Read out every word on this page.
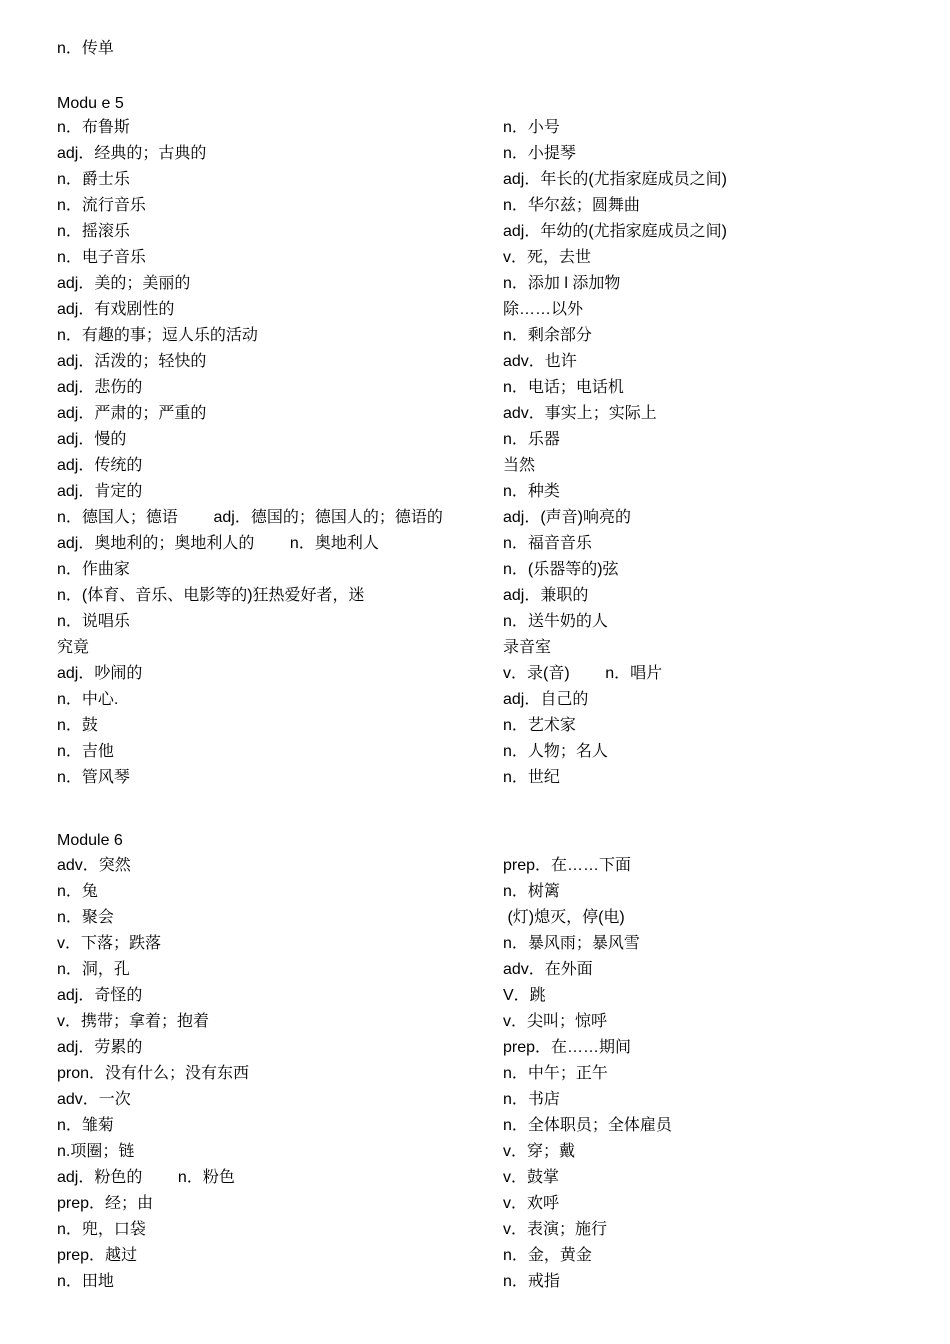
n．传单
Modu e 5
n．布鲁斯
adj．经典的；古典的
n．爵士乐
n．流行音乐
n．摇滚乐
n．电子音乐
adj．美的；美丽的
adj．有戏剧性的
n．有趣的事；逗人乐的活动
adj．活泼的；轻快的
adj．悲伤的
adj．严肃的；严重的
adj．慢的
adj．传统的
adj．肯定的
n．德国人；德语        adj．德国的；德国人的；德语的
adj．奥地利的；奥地利人的        n．奥地利人
n．作曲家
n．(体育、音乐、电影等的)狂热爱好者，迷
n．说唱乐
究竟
adj．吵闹的
n．中心.
n．鼓
n．吉他
n．管风琴
n．小号
n．小提琴
adj．年长的(尤指家庭成员之间)
n．华尔兹；圆舞曲
adj．年幼的(尤指家庭成员之间)
v．死，去世
n．添加 l 添加物
除……以外
n．剩余部分
adv．也许
n．电话；电话机
adv．事实上；实际上
n．乐器
当然
n．种类
adj．(声音)响亮的
n．福音音乐
n．(乐器等的)弦
adj．兼职的
n．送牛奶的人
录音室
v．录(音)        n．唱片
adj．自己的
n．艺术家
n．人物；名人
n．世纪
Module 6
adv．突然
n．兔
n．聚会
v．下落；跌落
n．洞，孔
adj．奇怪的
v．携带；拿着；抱着
adj．劳累的
pron．没有什么；没有东西
adv．一次
n．雏菊
n.项圈；链
adj．粉色的        n．粉色
prep．经；由
n．兜，口袋
prep．越过
n．田地
prep．在……下面
n．树篱
(灯)熄灭，停(电)
n．暴风雨；暴风雪
adv．在外面
V．跳
v．尖叫；惊呼
prep．在……期间
n．中午；正午
n．书店
n．全体职员；全体雇员
v．穿；戴
v．鼓掌
v．欢呼
v．表演；施行
n．金，黄金
n．戒指
